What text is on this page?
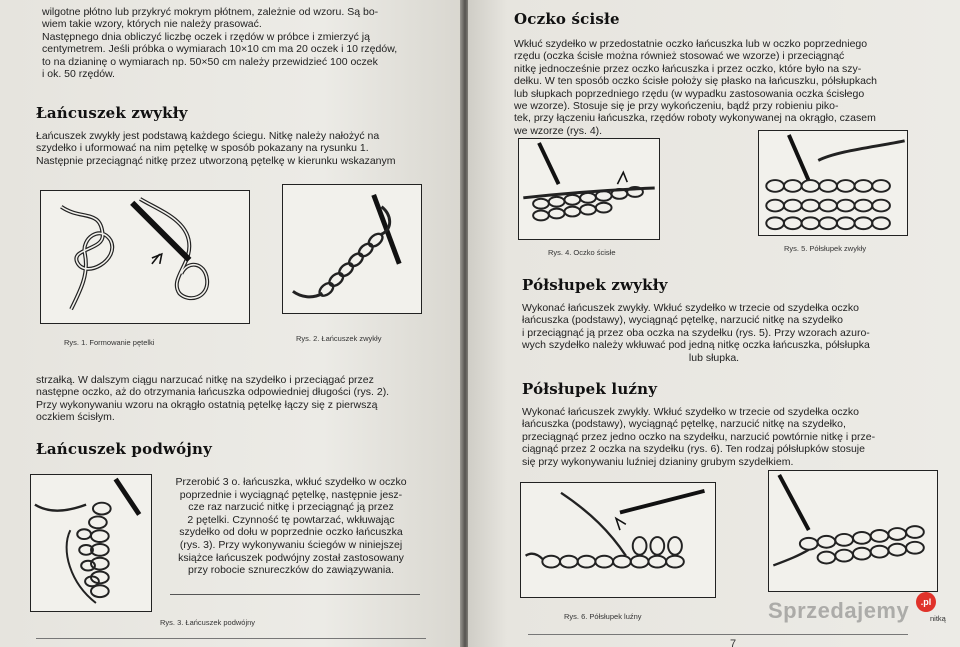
wilgotne płótno lub przykryć mokrym płótnem, zależnie od wzoru. Są bo-
wiem takie wzory, których nie należy prasować.
Następnego dnia obliczyć liczbę oczek i rzędów w próbce i zmierzyć ją
centymetrem. Jeśli próbka o wymiarach 10×10 cm ma 20 oczek i 10 rzędów,
to na dzianinę o wymiarach np. 50×50 cm należy przewidzieć 100 oczek
i ok. 50 rzędów.
Łańcuszek zwykły
Łańcuszek zwykły jest podstawą każdego ściegu. Nitkę należy nałożyć na
szydełko i uformować na nim pętelkę w sposób pokazany na rysunku 1.
Następnie przeciągnąć nitkę przez utworzoną pętelkę w kierunku wskazanym
Rys. 1. Formowanie pętelki	Rys. 2. Łańcuszek zwykły
strzałką. W dalszym ciągu narzucać nitkę na szydełko i przeciągać przez
następne oczko, aż do otrzymania łańcuszka odpowiedniej długości (rys. 2).
Przy wykonywaniu wzoru na okrągło ostatnią pętelkę łączy się z pierwszą
oczkiem ścisłym.
Łańcuszek podwójny
Przerobić 3 o. łańcuszka, wkłuć szydełko w oczko
poprzednie i wyciągnąć pętelkę, następnie jesz-
cze raz narzucić nitkę i przeciągnąć ją przez
2 pętelki. Czynność tę powtarzać, wkłuwając
szydełko od dołu w poprzednie oczko łańcuszka
(rys. 3). Przy wykonywaniu ściegów w niniejszej
książce łańcuszek podwójny został zastosowany
przy robocie sznureczków do zawiązywania.
Rys. 3. Łańcuszek podwójny
Oczko ścisłe
Wkłuć szydełko w przedostatnie oczko łańcuszka lub w oczko poprzedniego
rzędu (oczka ścisłe można również stosować we wzorze) i przeciągnąć
nitkę jednocześnie przez oczko łańcuszka i przez oczko, które było na szy-
dełku. W ten sposób oczko ścisłe położy się płasko na łańcuszku, półsłupkach
lub słupkach poprzedniego rzędu (w wypadku zastosowania oczka ścisłego
we wzorze). Stosuje się je przy wykończeniu, bądź przy robieniu piko-
tek, przy łączeniu łańcuszka, rzędów roboty wykonywanej na okrągło, czasem
we wzorze (rys. 4).
Rys. 4. Oczko ścisłe	Rys. 5. Półsłupek zwykły
Półsłupek zwykły
Wykonać łańcuszek zwykły. Wkłuć szydełko w trzecie od szydełka oczko
łańcuszka (podstawy), wyciągnąć pętelkę, narzucić nitkę na szydełko
i przeciągnąć ją przez oba oczka na szydełku (rys. 5). Przy wzorach azuro-
wych szydełko należy wkłuwać pod jedną nitkę oczka łańcuszka, półsłupka
lub słupka.
Półsłupek luźny
Wykonać łańcuszek zwykły. Wkłuć szydełko w trzecie od szydełka oczko
łańcuszka (podstawy), wyciągnąć pętelkę, narzucić nitkę na szydełko,
przeciągnąć przez jedno oczko na szydełku, narzucić powtórnie nitkę i prze-
ciągnąć przez 2 oczka na szydełku (rys. 6). Ten rodzaj półsłupków stosuje
się przy wykonywaniu luźniej dzianiny grubym szydełkiem.
Rys. 6. Półsłupek luźny	nitką
7
Sprzedajemy	.pl
